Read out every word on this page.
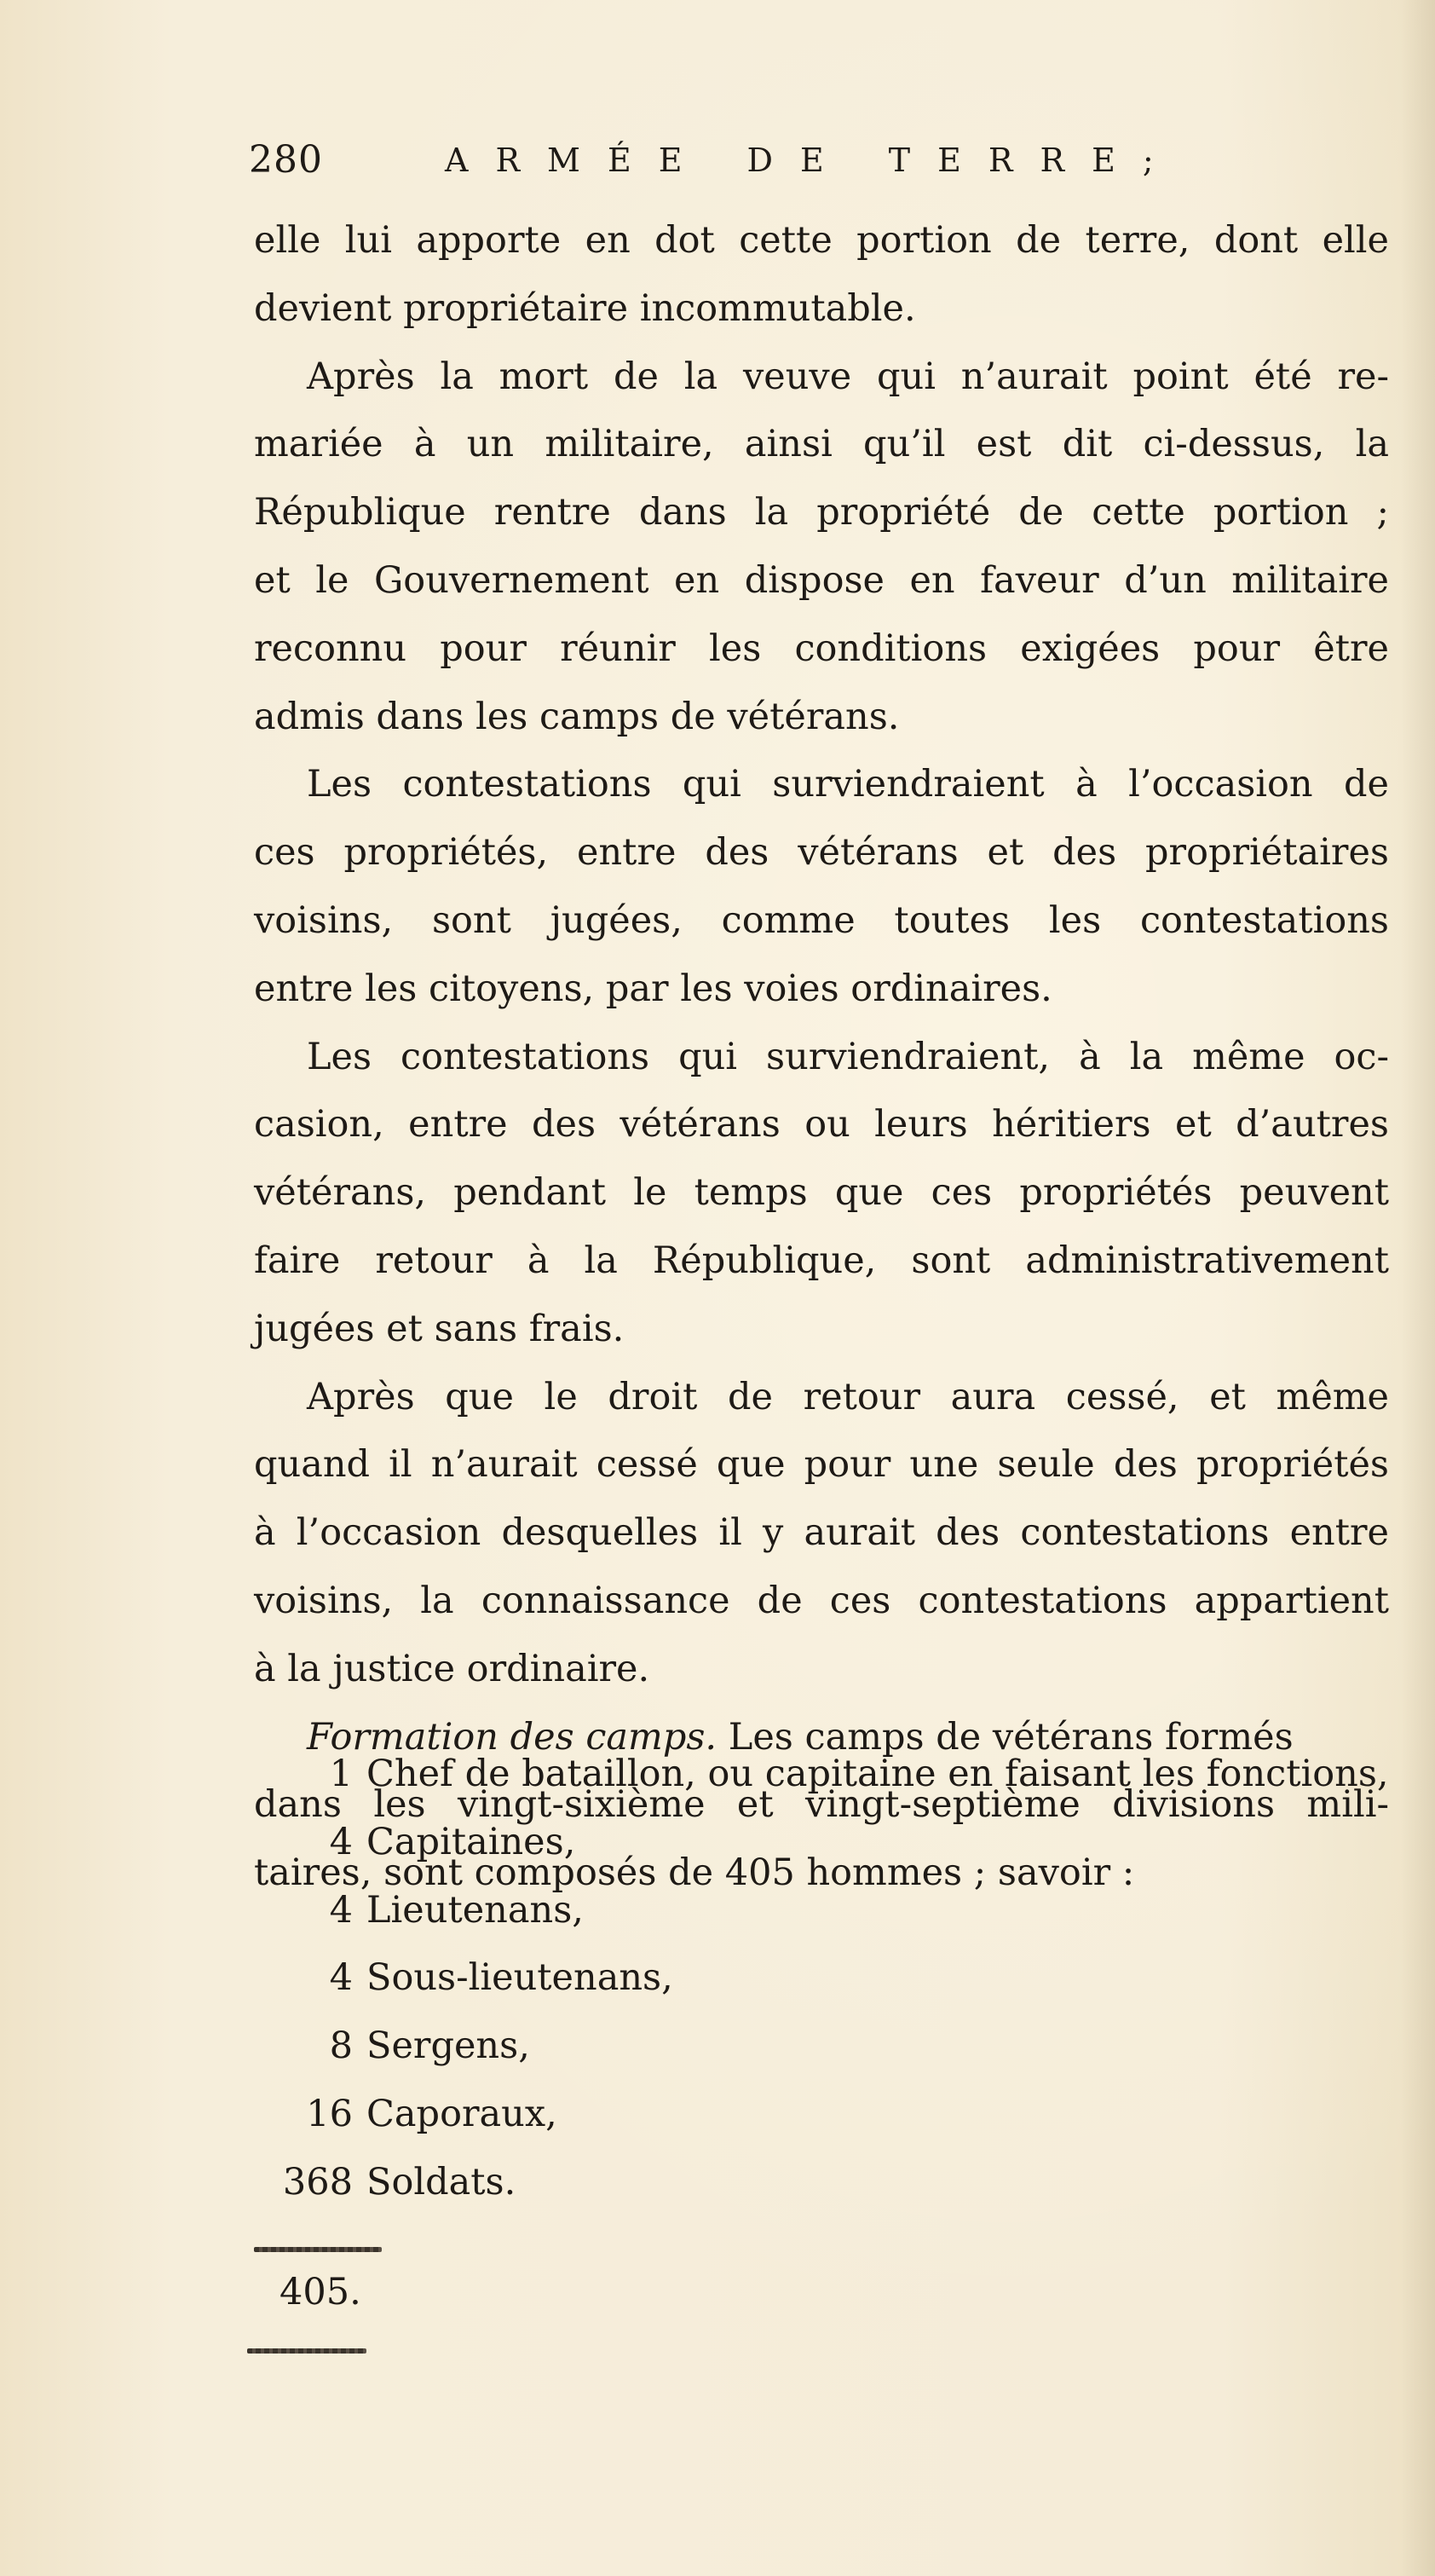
280	ARMÉE DE TERRE;
elle lui apporte en dot cette portion de terre, dont elle
devient propriétaire incommutable.
Après la mort de la veuve qui n’aurait point été re-
mariée à un militaire, ainsi qu’il est dit ci-dessus, la
République rentre dans la propriété de cette portion ;
et le Gouvernement en dispose en faveur d’un militaire
reconnu pour réunir les conditions exigées pour être
admis dans les camps de vétérans.
Les contestations qui surviendraient à l’occasion de
ces propriétés, entre des vétérans et des propriétaires
voisins, sont jugées, comme toutes les contestations
entre les citoyens, par les voies ordinaires.
Les contestations qui surviendraient, à la même oc-
casion, entre des vétérans ou leurs héritiers et d’autres
vétérans, pendant le temps que ces propriétés peuvent
faire retour à la République, sont administrativement
jugées et sans frais.
Après que le droit de retour aura cessé, et même
quand il n’aurait cessé que pour une seule des propriétés
à l’occasion desquelles il y aurait des contestations entre
voisins, la connaissance de ces contestations appartient
à la justice ordinaire.
Formation des camps. Les camps de vétérans formés
dans les vingt-sixième et vingt-septième divisions mili-
taires, sont composés de 405 hommes ; savoir :
1 Chef de bataillon, ou capitaine en faisant les fonctions,
4 Capitaines,
4 Lieutenans,
4 Sous-lieutenans,
8 Sergens,
16 Caporaux,
368 Soldats.
405.
